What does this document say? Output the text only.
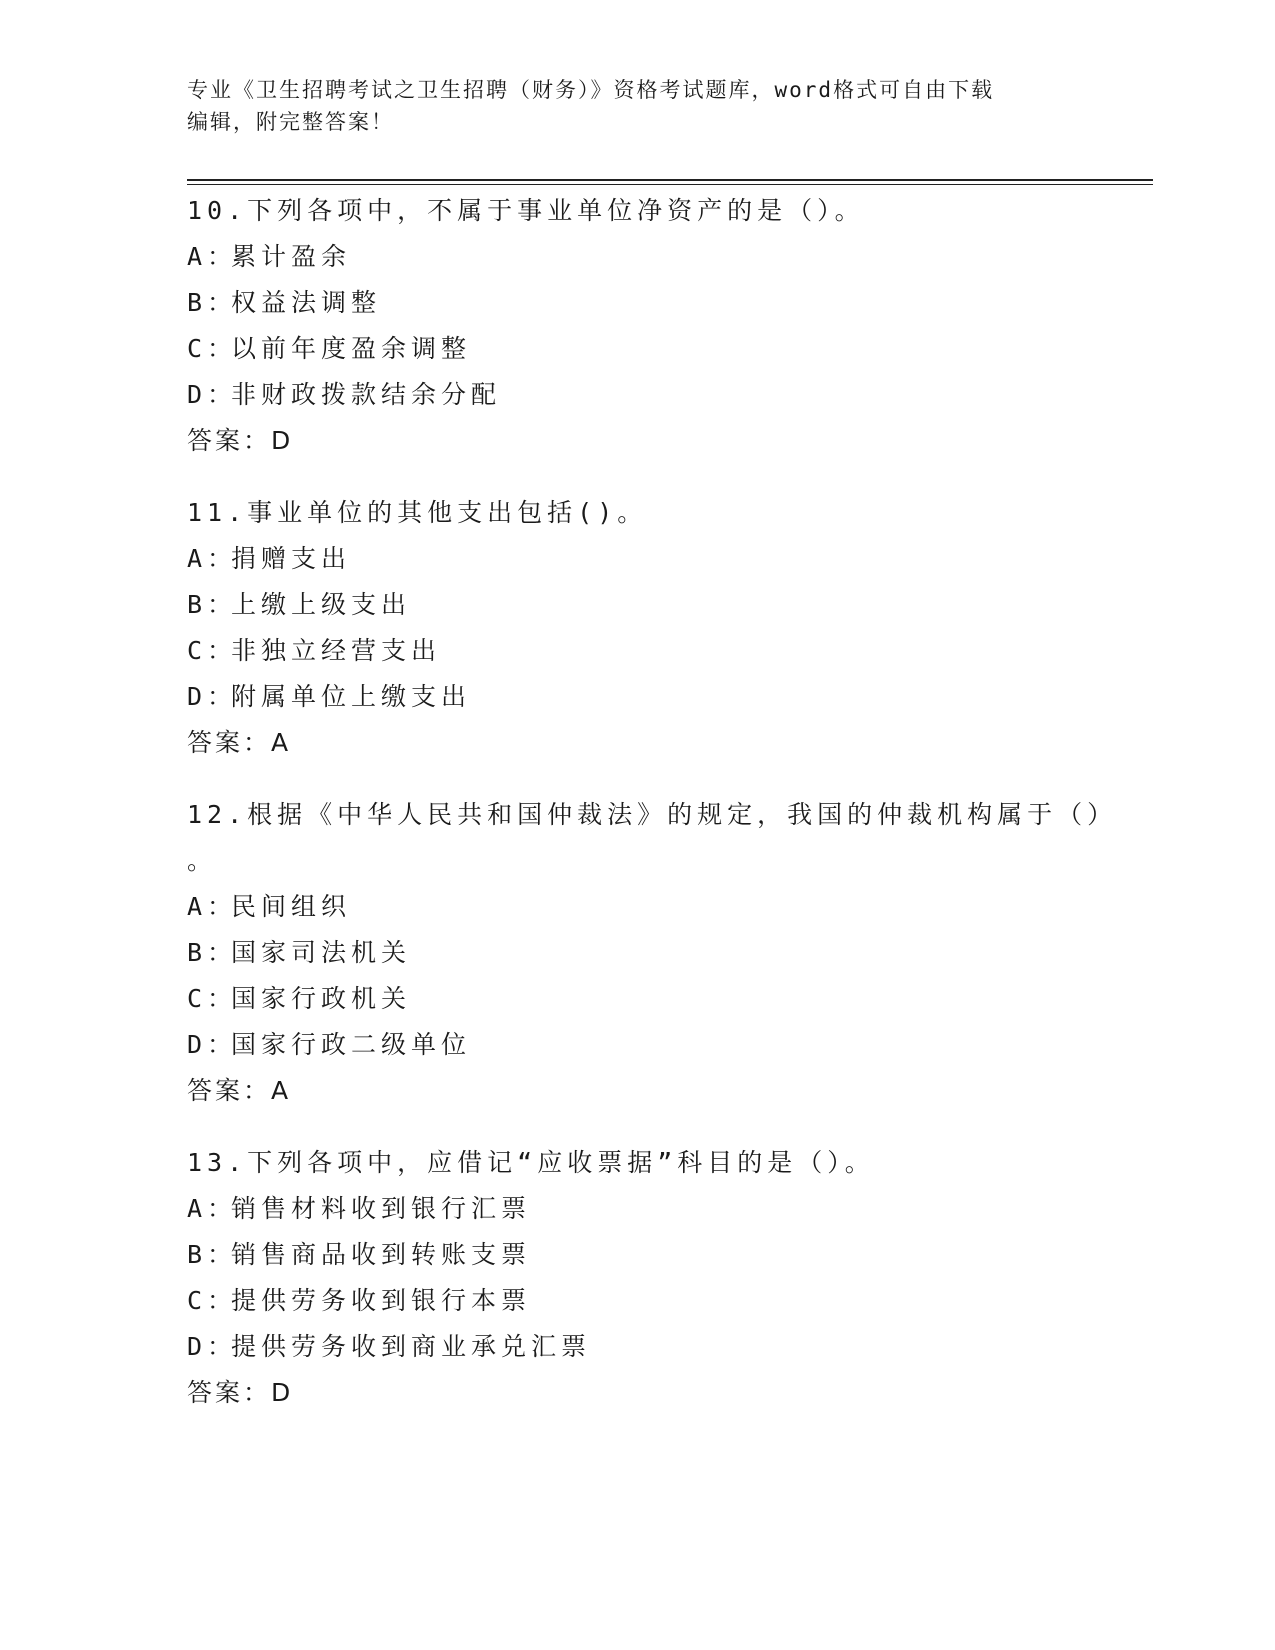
专业《卫生招聘考试之卫生招聘（财务）》资格考试题库，word格式可自由下载
编辑，附完整答案！
10.下列各项中，不属于事业单位净资产的是（）。
A：累计盈余
B：权益法调整
C：以前年度盈余调整
D：非财政拨款结余分配
答案：D
11.事业单位的其他支出包括()。
A：捐赠支出
B：上缴上级支出
C：非独立经营支出
D：附属单位上缴支出
答案：A
12.根据《中华人民共和国仲裁法》的规定，我国的仲裁机构属于（）
。
A：民间组织
B：国家司法机关
C：国家行政机关
D：国家行政二级单位
答案：A
13.下列各项中，应借记“应收票据”科目的是（）。
A：销售材料收到银行汇票
B：销售商品收到转账支票
C：提供劳务收到银行本票
D：提供劳务收到商业承兑汇票
答案：D
